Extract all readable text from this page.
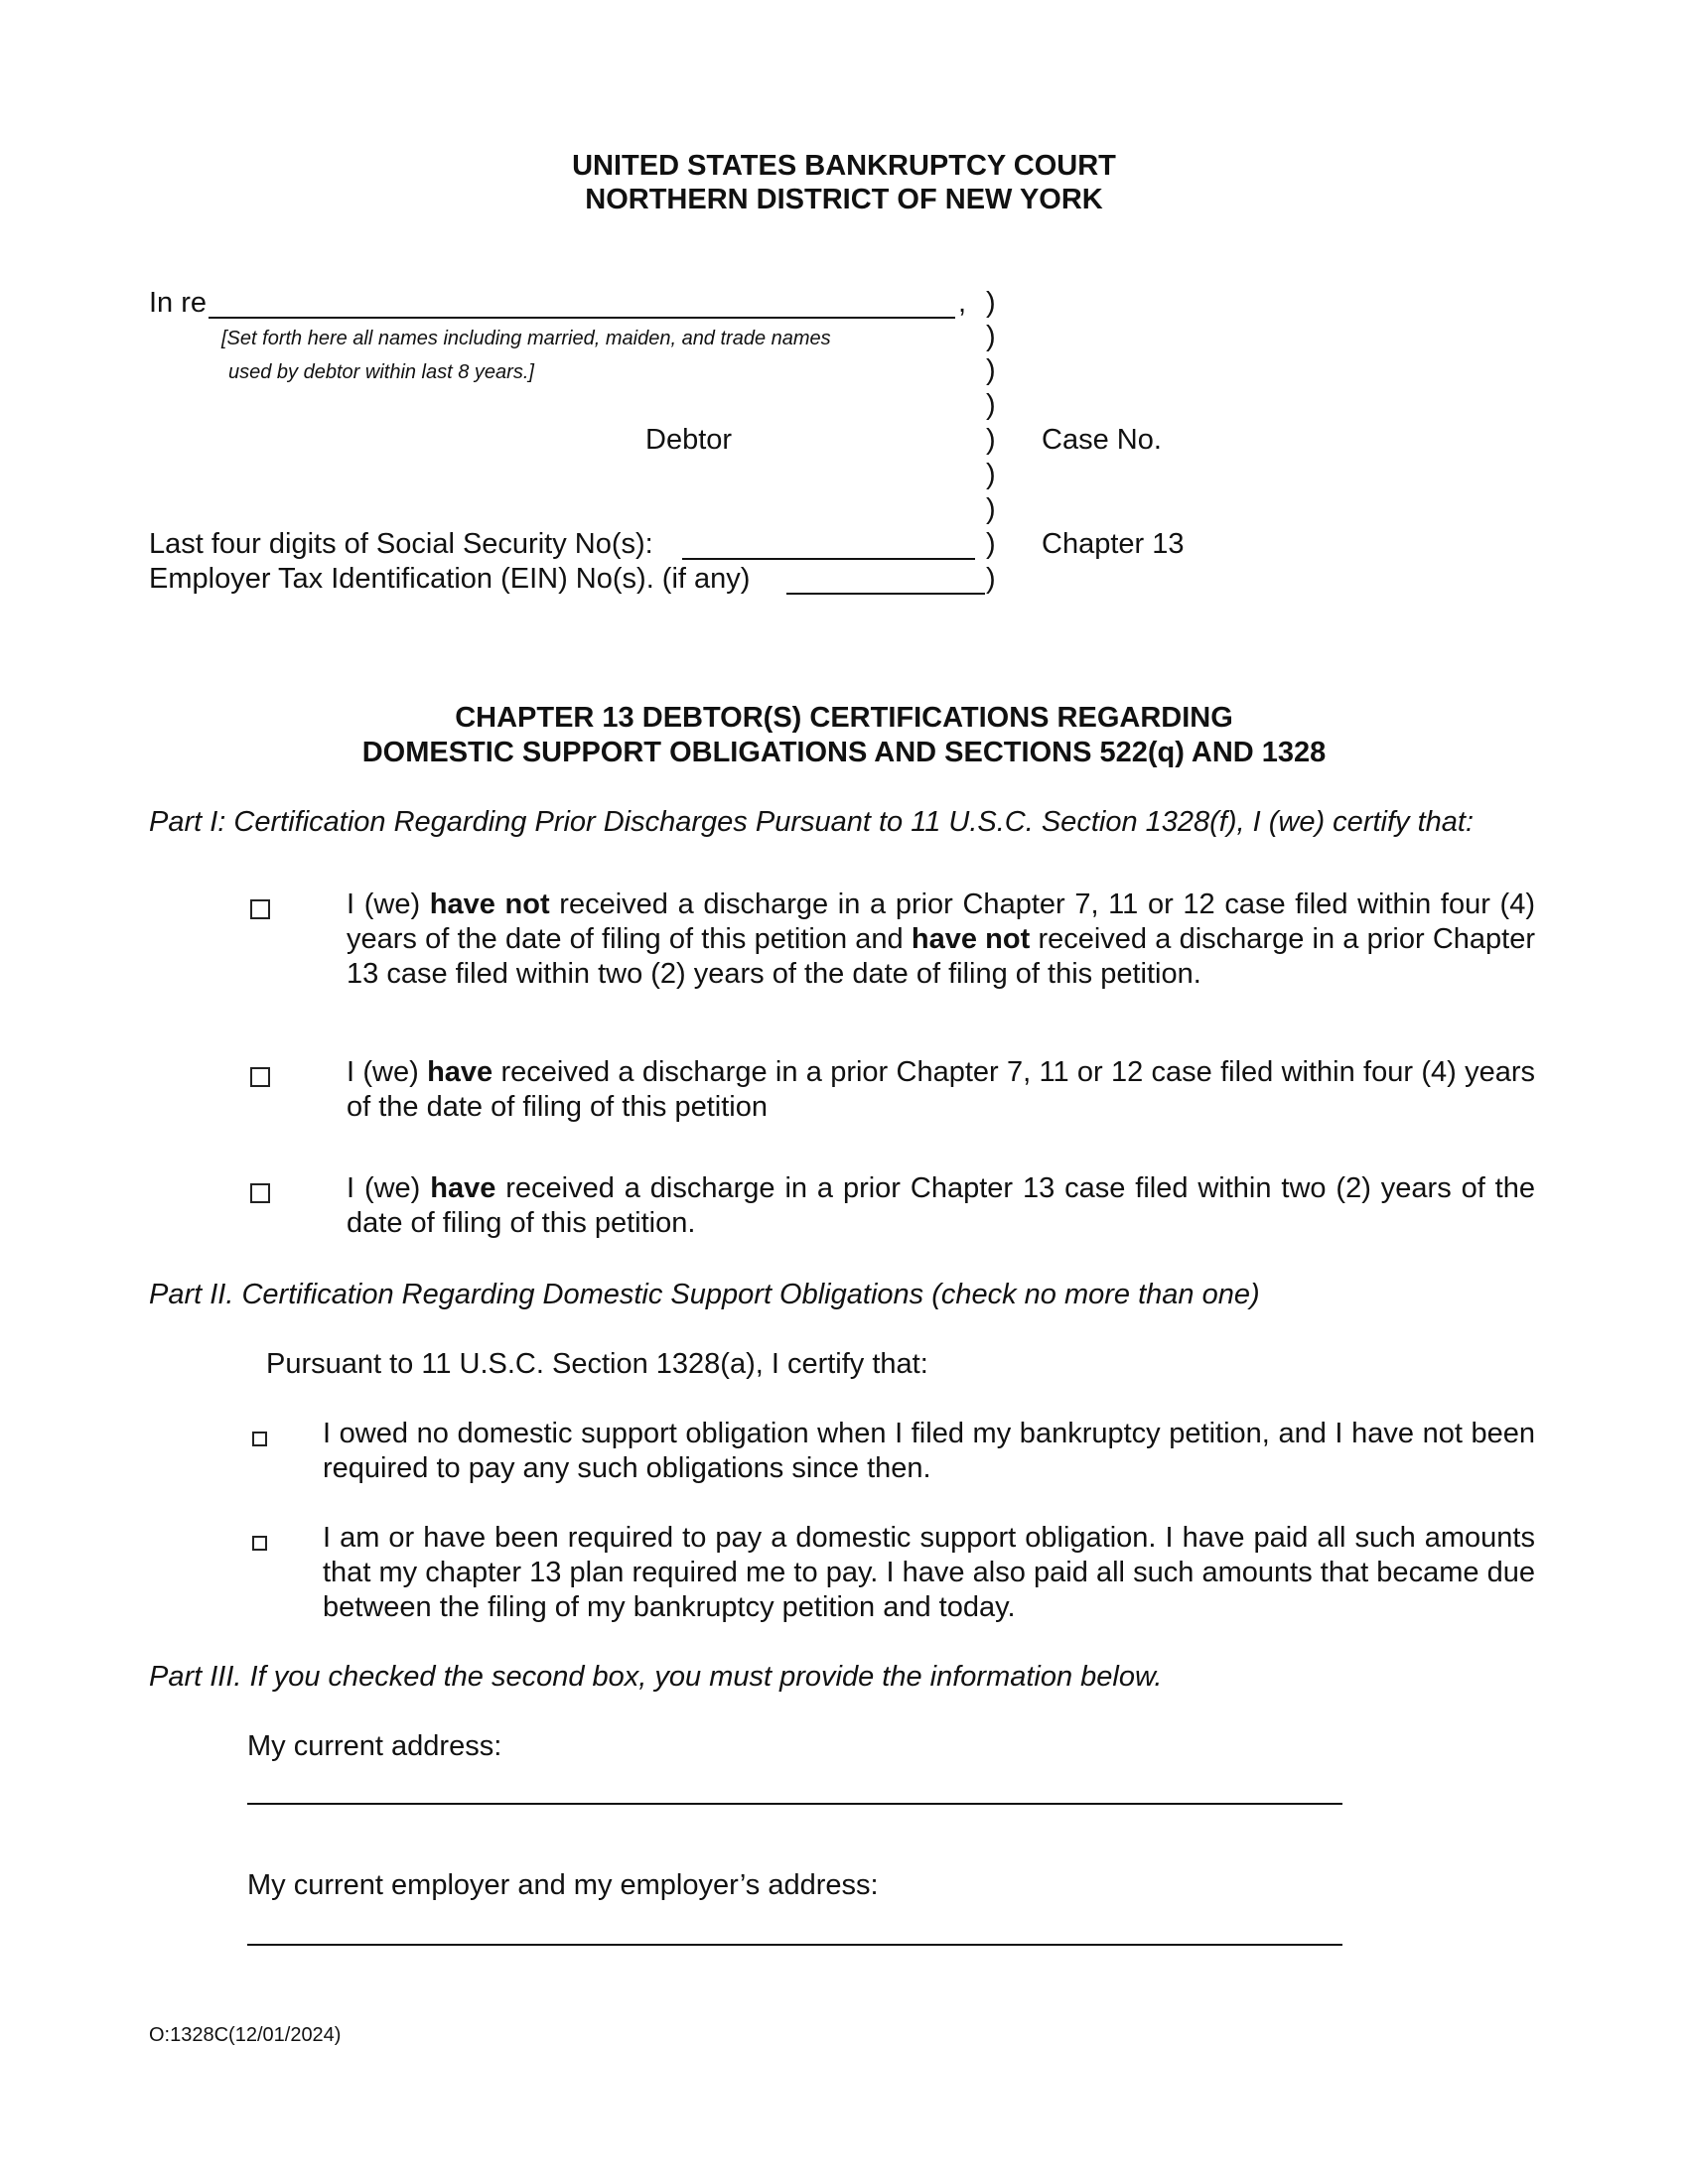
UNITED STATES BANKRUPTCY COURT
NORTHERN DISTRICT OF NEW YORK
In re	,
[Set forth here all names including married, maiden, and trade names
used by debtor within last 8 years.]
Debtor	Case No.
Chapter 13
Last four digits of Social Security No(s):
Employer Tax Identification (EIN) No(s). (if any)
)
)
)
)
)
)
)
)
)
CHAPTER 13 DEBTOR(S) CERTIFICATIONS REGARDING
DOMESTIC SUPPORT OBLIGATIONS AND SECTIONS 522(q) AND 1328
Part I: Certification Regarding Prior Discharges Pursuant to 11 U.S.C. Section 1328(f), I (we) certify that:
I (we) have not received a discharge in a prior Chapter 7, 11 or 12 case filed within four (4) years of the date of filing of this petition and have not received a discharge in a prior Chapter 13 case filed within two (2) years of the date of filing of this petition.
I (we) have received a discharge in a prior Chapter 7, 11 or 12 case filed within four (4) years of the date of filing of this petition
I (we) have received a discharge in a prior Chapter 13 case filed within two (2) years of the date of filing of this petition.
Part II. Certification Regarding Domestic Support Obligations (check no more than one)
Pursuant to 11 U.S.C. Section 1328(a), I certify that:
I owed no domestic support obligation when I filed my bankruptcy petition, and I have not been required to pay any such obligations since then.
I am or have been required to pay a domestic support obligation. I have paid all such amounts that my chapter 13 plan required me to pay. I have also paid all such amounts that became due between the filing of my bankruptcy petition and today.
Part III. If you checked the second box, you must provide the information below.
My current address:
My current employer and my employer’s address:
O:1328C(12/01/2024)
